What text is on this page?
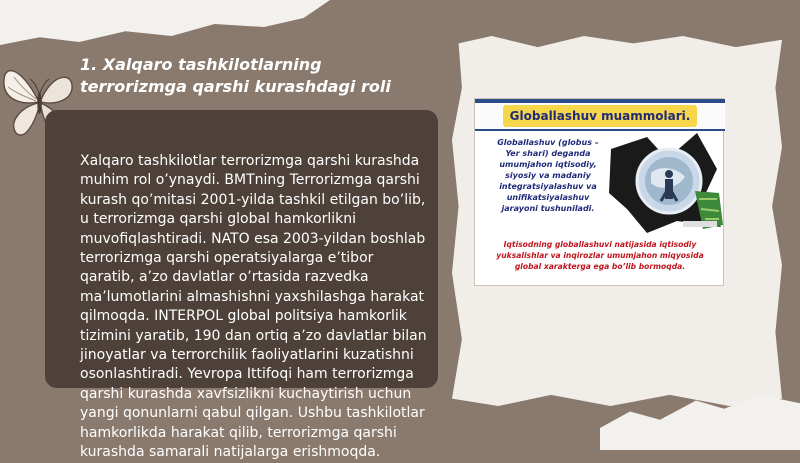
1. Xalqaro tashkilotlarning
terrorizmga qarshi kurashdagi roli
Xalqaro tashkilotlar terrorizmga qarshi kurashda muhim rol o’ynaydi. BMTning Terrorizmga qarshi kurash qo’mitasi 2001-yilda tashkil etilgan bo’lib, u terrorizmga qarshi global hamkorlikni muvofiqlashtiradi. NATO esa 2003-yildan boshlab terrorizmga qarshi operatsiyalarga e’tibor qaratib, a’zo davlatlar o’rtasida razvedka ma’lumotlarini almashishni yaxshilashga harakat qilmoqda. INTERPOL global politsiya hamkorlik tizimini yaratib, 190 dan ortiq a’zo davlatlar bilan jinoyatlar va terrorchilik faoliyatlarini kuzatishni osonlashtiradi. Yevropa Ittifoqi ham terrorizmga qarshi kurashda xavfsizlikni kuchaytirish uchun yangi qonunlarni qabul qilgan. Ushbu tashkilotlar hamkorlikda harakat qilib, terrorizmga qarshi kurashda samarali natijalarga erishmoqda.
Globallashuv muammolari.
Globallashuv (globus – Yer shari) deganda umumjahon iqtisodiy, siyosiy va madaniy integratsiyalashuv va unifikatsiyalashuv jarayoni tushuniladi.
Iqtisodning globallashuvi natijasida iqtisodiy yuksalishlar va inqirozlar umumjahon miqyosida global xarakterga ega bo’lib bormoqda.
